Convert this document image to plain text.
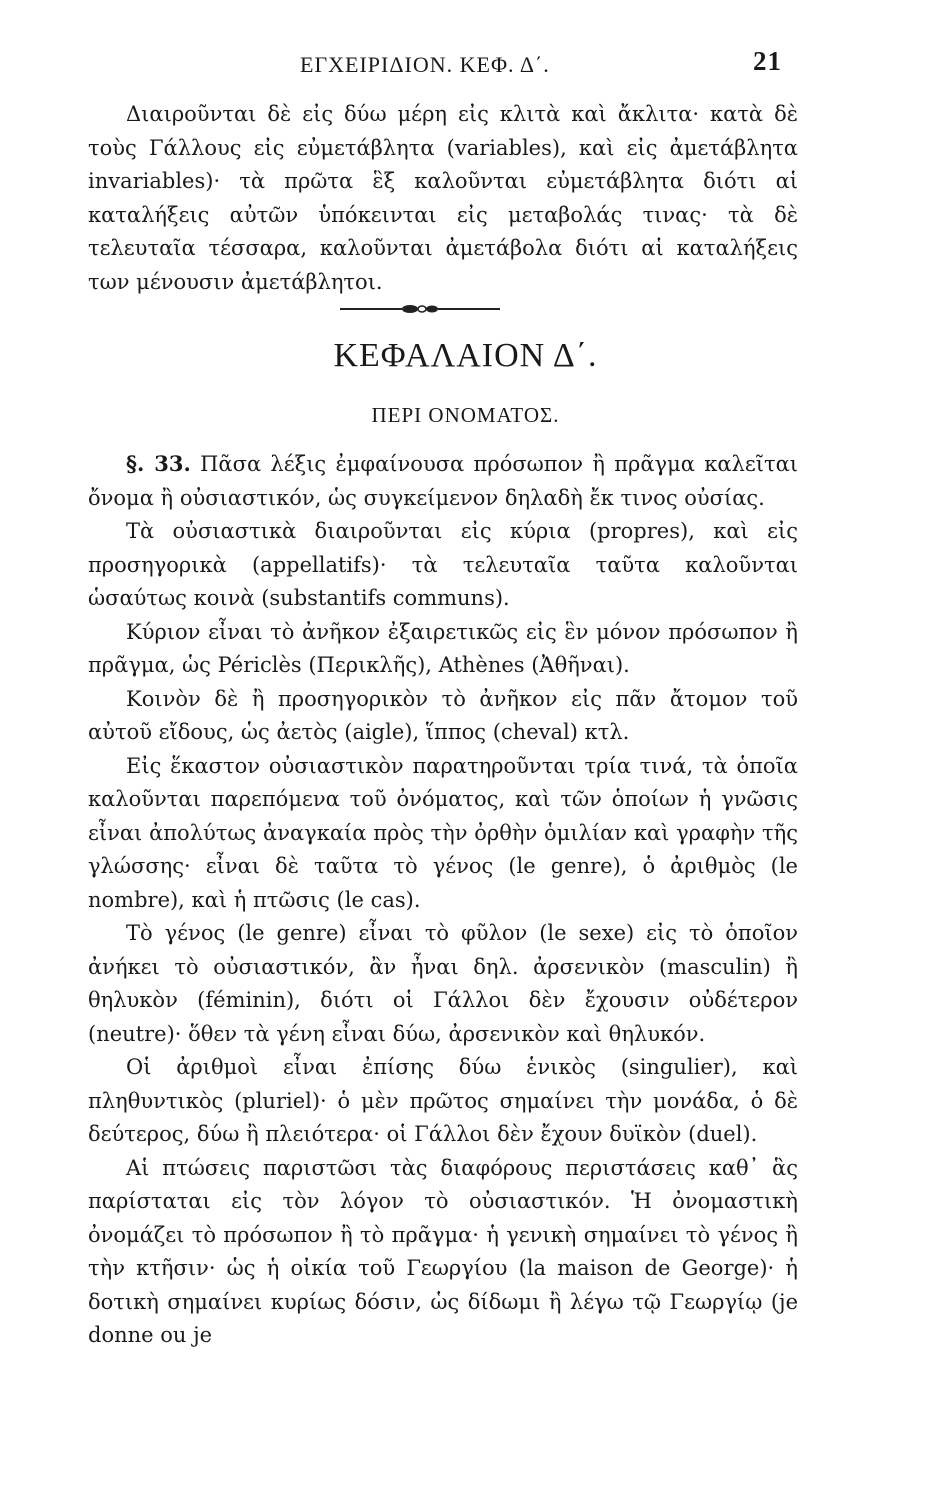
ΕΓΧΕΙΡΙΔΙΟΝ. ΚΕΦ. Δ΄.	21

Διαιροῦνται δὲ εἰς δύω μέρη εἰς κλιτὰ καὶ ἄκλιτα· κατὰ δὲ τοὺς Γάλλους εἰς εὐμετάβλητα (variables), καὶ εἰς ἀμετάβλητα invariables)· τὰ πρῶτα ἓξ καλοῦνται εὐμετάβλητα διότι αἱ καταλήξεις αὐτῶν ὑπόκεινται εἰς μεταβολάς τινας· τὰ δὲ τελευταῖα τέσσαρα, καλοῦνται ἀμετάβολα διότι αἱ καταλήξεις των μένουσιν ἀμετάβλητοι.

ΚΕΦΑΛΑΙΟΝ Δ΄.
ΠΕΡΙ ΟΝΟΜΑΤΟΣ.

§. 33. Πᾶσα λέξις ἐμφαίνουσα πρόσωπον ἢ πρᾶγμα καλεῖται ὄνομα ἢ οὐσιαστικόν, ὡς συγκείμενον δηλαδὴ ἔκ τινος οὐσίας.

Τὰ οὐσιαστικὰ διαιροῦνται εἰς κύρια (propres), καὶ εἰς προσηγορικὰ (appellatifs)· τὰ τελευταῖα ταῦτα καλοῦνται ὡσαύτως κοινὰ (substantifs communs).

Κύριον εἶναι τὸ ἀνῆκον ἐξαιρετικῶς εἰς ἓν μόνον πρόσωπον ἢ πρᾶγμα, ὡς Périclès (Περικλῆς), Athènes (Ἀθῆναι).

Κοινὸν δὲ ἢ προσηγορικὸν τὸ ἀνῆκον εἰς πᾶν ἄτομον τοῦ αὐτοῦ εἴδους, ὡς ἀετὸς (aigle), ἵππος (cheval) κτλ.

Εἰς ἕκαστον οὐσιαστικὸν παρατηροῦνται τρία τινά, τὰ ὁποῖα καλοῦνται παρεπόμενα τοῦ ὀνόματος, καὶ τῶν ὁποίων ἡ γνῶσις εἶναι ἀπολύτως ἀναγκαία πρὸς τὴν ὀρθὴν ὁμιλίαν καὶ γραφὴν τῆς γλώσσης· εἶναι δὲ ταῦτα τὸ γένος (le genre), ὁ ἀριθμὸς (le nombre), καὶ ἡ πτῶσις (le cas).

Τὸ γένος (le genre) εἶναι τὸ φῦλον (le sexe) εἰς τὸ ὁποῖον ἀνήκει τὸ οὐσιαστικόν, ἂν ἦναι δηλ. ἀρσενικὸν (masculin) ἢ θηλυκὸν (féminin), διότι οἱ Γάλλοι δὲν ἔχουσιν οὐδέτερον (neutre)· ὅθεν τὰ γένη εἶναι δύω, ἀρσενικὸν καὶ θηλυκόν.

Οἱ ἀριθμοὶ εἶναι ἐπίσης δύω ἑνικὸς (singulier), καὶ πληθυντικὸς (pluriel)· ὁ μὲν πρῶτος σημαίνει τὴν μονάδα, ὁ δὲ δεύτερος, δύω ἢ πλειότερα· οἱ Γάλλοι δὲν ἔχουν δυϊκὸν (duel).

Αἱ πτώσεις παριστῶσι τὰς διαφόρους περιστάσεις καθ᾽ ἃς παρίσταται εἰς τὸν λόγον τὸ οὐσιαστικόν. Ἡ ὀνομαστικὴ ὀνομάζει τὸ πρόσωπον ἢ τὸ πρᾶγμα· ἡ γενικὴ σημαίνει τὸ γένος ἢ τὴν κτῆσιν· ὡς ἡ οἰκία τοῦ Γεωργίου (la maison de George)· ἡ δοτικὴ σημαίνει κυρίως δόσιν, ὡς δίδωμι ἢ λέγω τῷ Γεωργίῳ (je donne ou je
